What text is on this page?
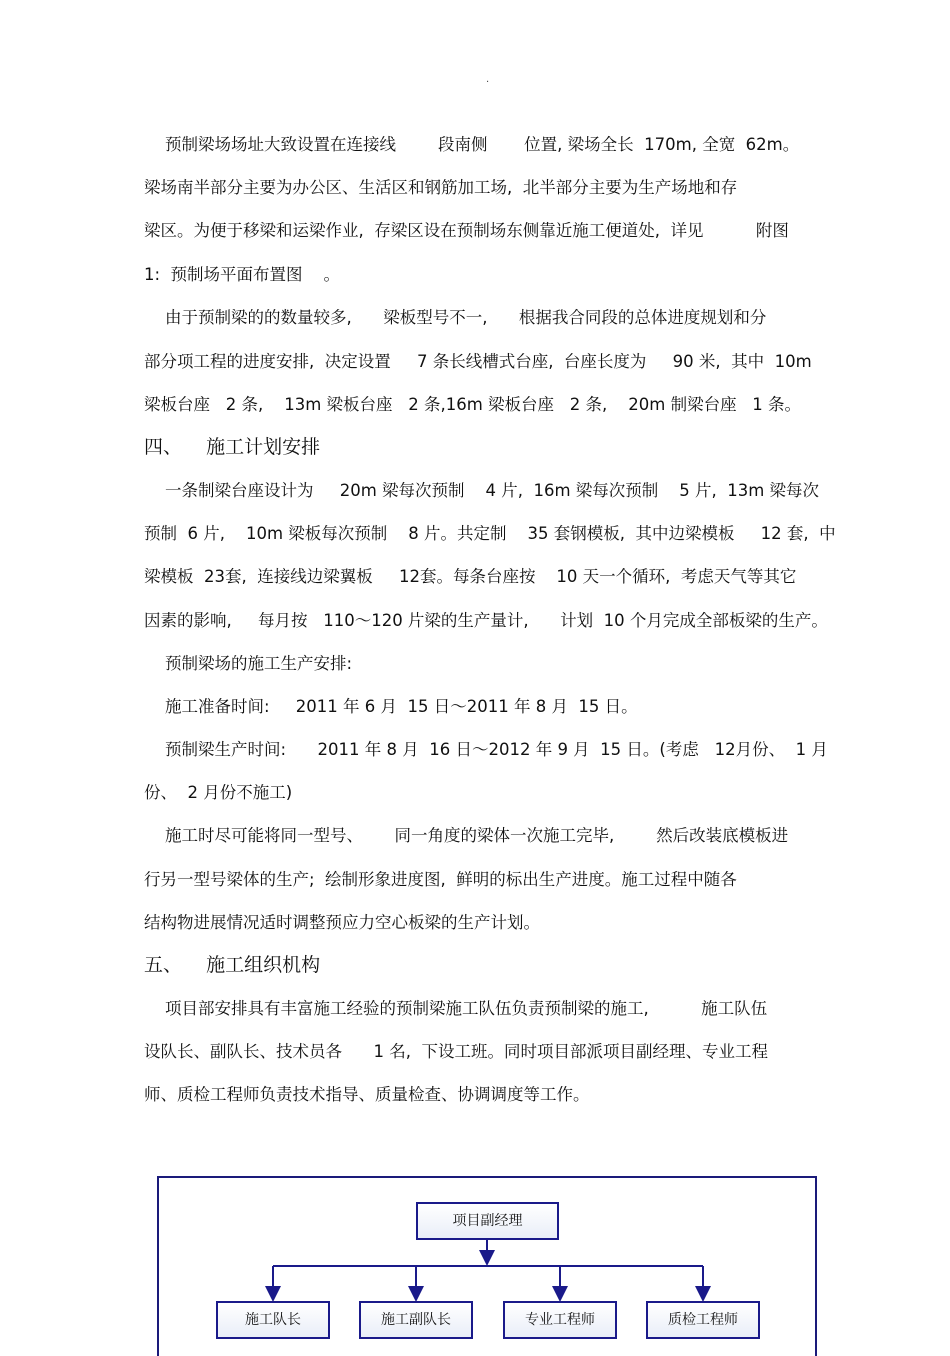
.
预制梁场场址大致设置在连接线        段南侧       位置, 梁场全长  170m, 全宽  62m。
梁场南半部分主要为办公区、生活区和钢筋加工场,  北半部分主要为生产场地和存
梁区。为便于移梁和运梁作业,  存梁区设在预制场东侧靠近施工便道处,  详见          附图
1:  预制场平面布置图    。
由于预制梁的的数量较多,      梁板型号不一,      根据我合同段的总体进度规划和分
部分项工程的进度安排,  决定设置     7 条长线槽式台座,  台座长度为     90 米,  其中  10m
梁板台座   2 条,    13m 梁板台座   2 条,16m 梁板台座   2 条,    20m 制梁台座   1 条。
四、    施工计划安排
一条制梁台座设计为     20m 梁每次预制    4 片,  16m 梁每次预制    5 片,  13m 梁每次
预制  6 片,    10m 梁板每次预制    8 片。共定制    35 套钢模板,  其中边梁模板     12 套,  中
梁模板  23套,  连接线边梁翼板     12套。每条台座按    10 天一个循环,  考虑天气等其它
因素的影响,     每月按   110～120 片梁的生产量计,      计划  10 个月完成全部板梁的生产。
预制梁场的施工生产安排:
施工准备时间:     2011 年 6 月  15 日～2011 年 8 月  15 日。
预制梁生产时间:      2011 年 8 月  16 日～2012 年 9 月  15 日。(考虑   12月份、  1 月
份、  2 月份不施工)
施工时尽可能将同一型号、      同一角度的梁体一次施工完毕,        然后改装底模板进
行另一型号梁体的生产;  绘制形象进度图,  鲜明的标出生产进度。施工过程中随各
结构物进展情况适时调整预应力空心板梁的生产计划。
五、    施工组织机构
项目部安排具有丰富施工经验的预制梁施工队伍负责预制梁的施工,          施工队伍
设队长、副队长、技术员各      1 名,  下设工班。同时项目部派项目副经理、专业工程
师、质检工程师负责技术指导、质量检查、协调调度等工作。
项目副经理
施工队长	施工副队长	专业工程师	质检工程师
